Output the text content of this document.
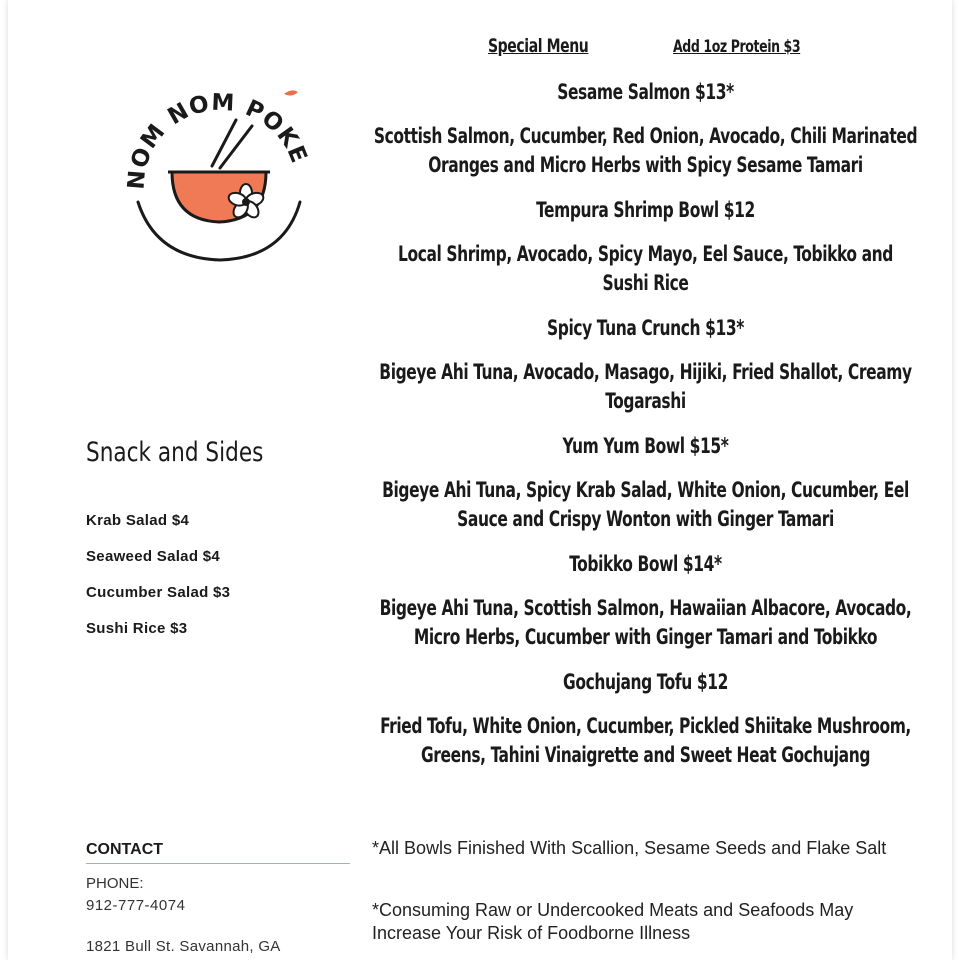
NOM NOM POKE SHOP
Special Menu	Add 1oz Protein $3
Sesame Salmon $13*
Scottish Salmon, Cucumber, Red Onion, Avocado, Chili Marinated Oranges and Micro Herbs with Spicy Sesame Tamari
Tempura Shrimp Bowl $12
Local Shrimp, Avocado, Spicy Mayo, Eel Sauce, Tobikko and Sushi Rice
Spicy Tuna Crunch $13*
Bigeye Ahi Tuna, Avocado, Masago, Hijiki, Fried Shallot, Creamy Togarashi
Yum Yum Bowl $15*
Bigeye Ahi Tuna, Spicy Krab Salad, White Onion, Cucumber, Eel Sauce and Crispy Wonton with Ginger Tamari
Tobikko Bowl $14*
Bigeye Ahi Tuna, Scottish Salmon, Hawaiian Albacore, Avocado, Micro Herbs, Cucumber with Ginger Tamari and Tobikko
Gochujang Tofu $12
Fried Tofu, White Onion, Cucumber, Pickled Shiitake Mushroom, Greens, Tahini Vinaigrette and Sweet Heat Gochujang
Snack and Sides
Krab Salad $4
Seaweed Salad $4
Cucumber Salad $3
Sushi Rice $3
CONTACT
PHONE:
912-777-4074
1821 Bull St. Savannah, GA
*All Bowls Finished With Scallion, Sesame Seeds and Flake Salt
*Consuming Raw or Undercooked Meats and Seafoods May Increase Your Risk of Foodborne Illness
